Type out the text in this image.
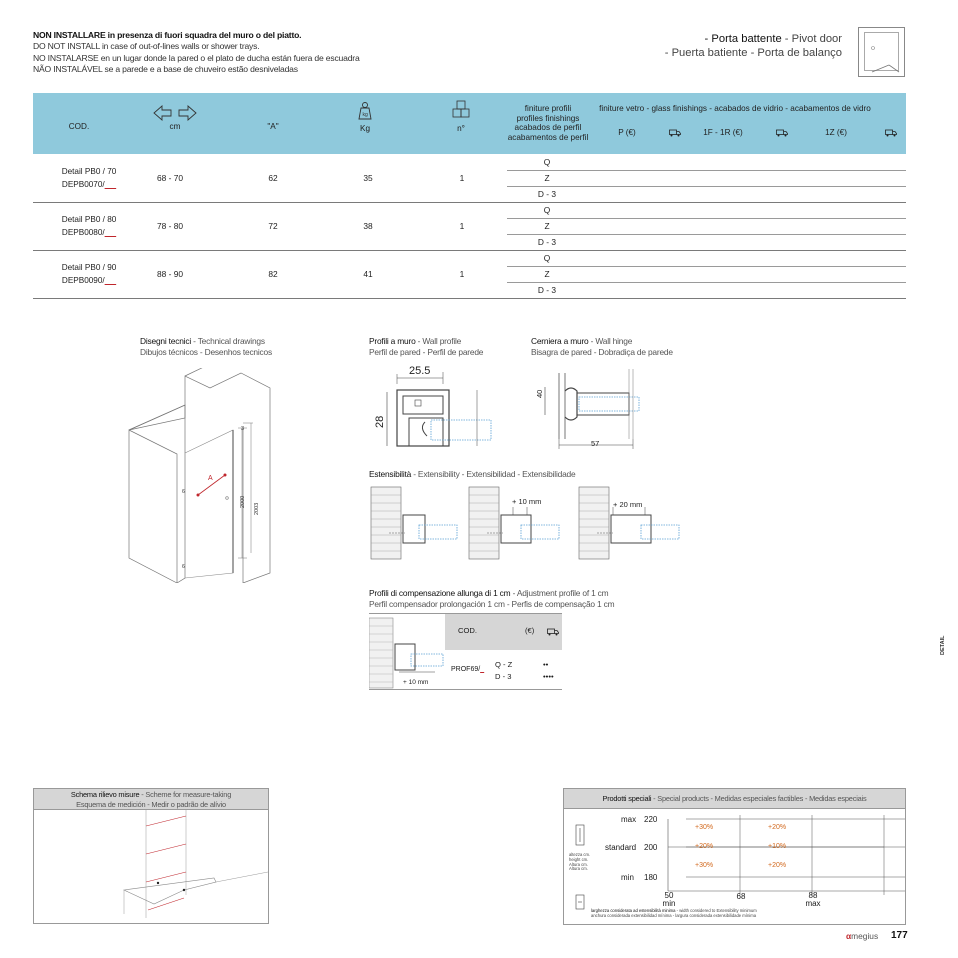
NON INSTALLARE in presenza di fuori squadra del muro o del piatto.
DO NOT INSTALL in case of out-of-lines walls or shower trays.
NO INSTALARSE en un lugar donde la pared o el plato de ducha están fuera de escuadra
NÃO INSTALÁVEL se a parede e a base de chuveiro estão desniveladas
- Porta battente - Pivot door
- Puerta batiente - Porta de balanço
COD.	cm	"A"
kg
Kg	n°
finiture profili
profiles finishings
acabados de perfil
acabamentos de perfil
finiture vetro - glass finishings - acabados de vidrio - acabamentos de vidro
P (€)	1F - 1R (€)	1Z (€)
Detail PB0 / 70
DEPB0070/_ _
68 - 70	62	35	1
Q
Z
D - 3
Detail PB0 / 80
DEPB0080/_ _
78 - 80	72	38	1
Q
Z
D - 3
Detail PB0 / 90
DEPB0090/_ _
88 - 90	82	41	1
Q
Z
D - 3
Disegni tecnici - Technical drawings
Dibujos técnicos - Desenhos tecnicos
A
2000
2003
3
6
6
Profili a muro - Wall profile
Perfil de pared - Perfil de parede
25.5
28
Cerniera a muro - Wall hinge
Bisagra de pared - Dobradiça de parede
40
57
Estensibilità - Extensibility - Extensibilidad - Extensibilidade
+ 10 mm	+ 20 mm
Profili di compensazione allunga di 1 cm - Adjustment profile of 1 cm
Perfil compensador prolongación 1 cm - Perfis de compensação 1 cm
+ 10 mm
COD.	(€)
PROF69/_
Q - Z
D - 3
••
••••
DETAIL
Schema rilievo misure - Scheme for measure-taking
Esquema de medición - Medir o padrão de alívio
Prodotti speciali - Special products - Medidas especiales factibles - Medidas especiais
max 220
standard 200
min 180
altezza cm.
height cm.
Altura cm.
Altura cm.
+30%	+20%
+20%	+10%
+30%	+20%
50
min
68	88
max
larghezza considerata ad estensibilità minima - width considered to Extensibility minimum
anchura considerada extensibilidad mínima - largura considerada extensibilidade mínima
αmegius 177
